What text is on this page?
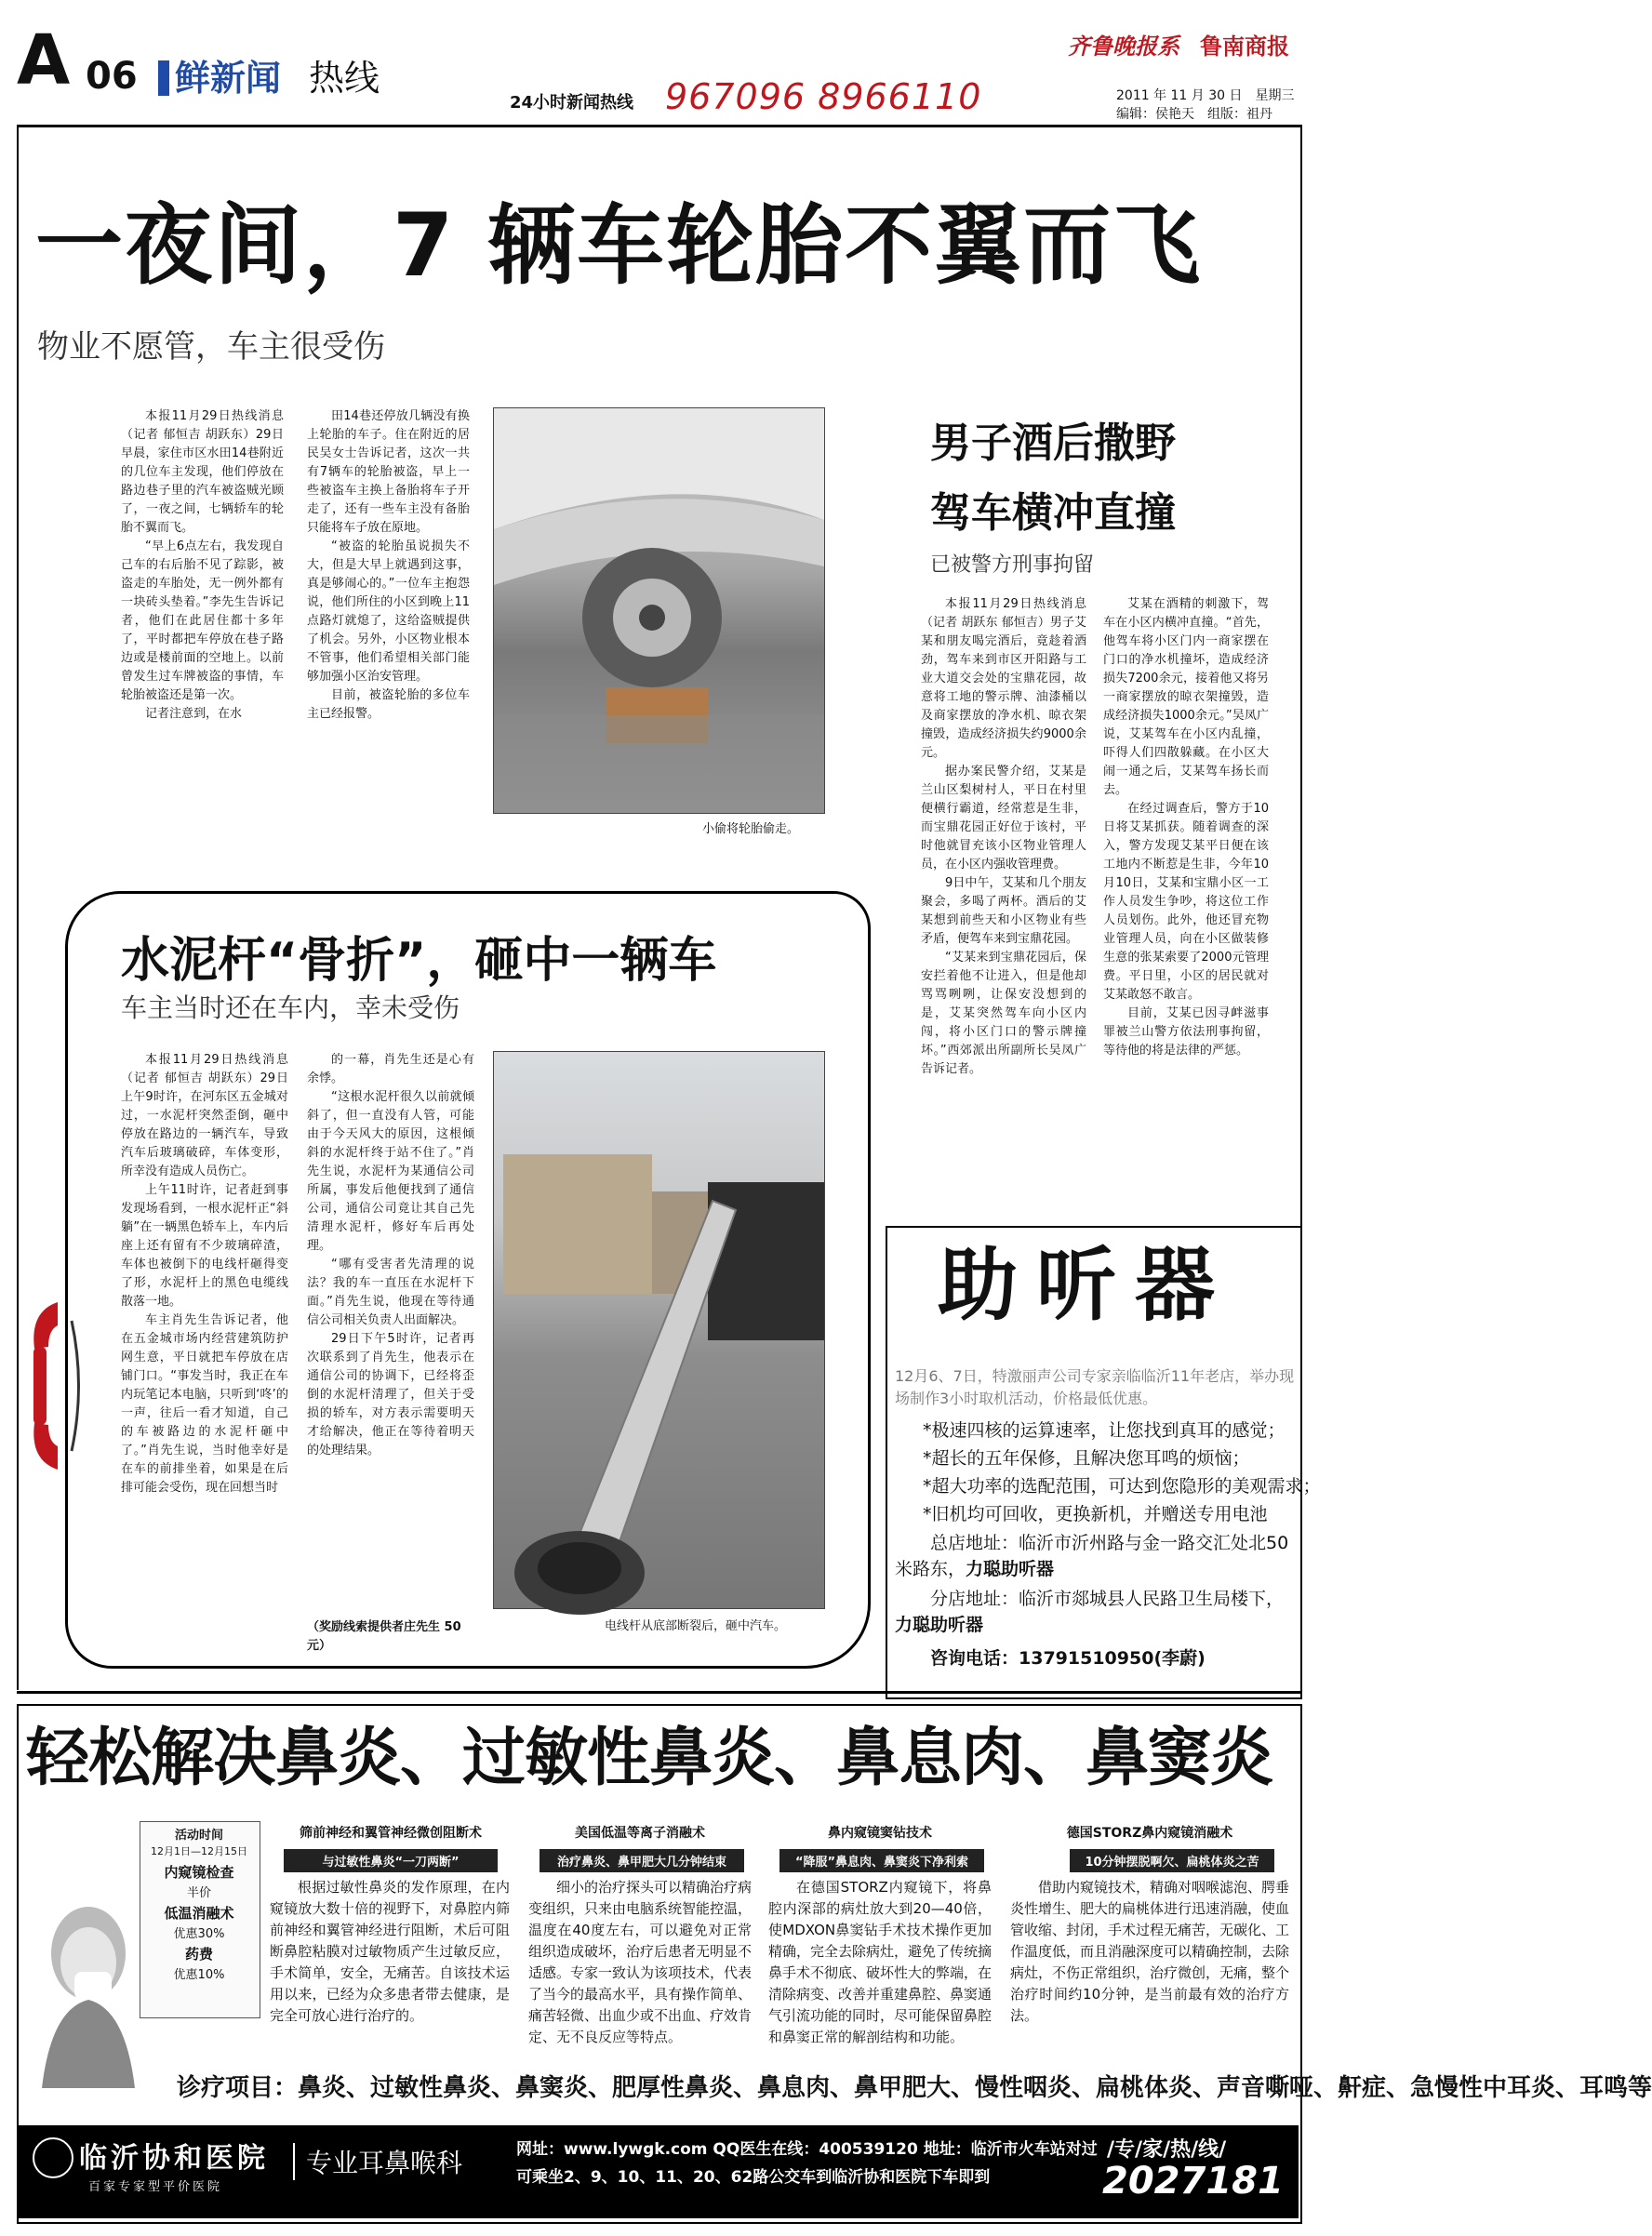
A 06 鲜新闻 热线
24小时新闻热线 967096 8966110
齐鲁晚报系 鲁南商报
2011 年 11 月 30 日　星期三
编辑：侯艳天　组版：祖丹
一夜间，7 辆车轮胎不翼而飞
物业不愿管，车主很受伤

本报11月29日热线消息（记者 郁恒吉 胡跃东）29日早晨，家住市区水田14巷附近的几位车主发现，他们停放在路边巷子里的汽车被盗贼光顾了，一夜之间，七辆轿车的轮胎不翼而飞。

“早上6点左右，我发现自己车的右后胎不见了踪影，被盗走的车胎处，无一例外都有一块砖头垫着。”李先生告诉记者，他们在此居住都十多年了，平时都把车停放在巷子路边或是楼前面的空地上。以前曾发生过车牌被盗的事情，车轮胎被盗还是第一次。

记者注意到，在水

田14巷还停放几辆没有换上轮胎的车子。住在附近的居民吴女士告诉记者，这次一共有7辆车的轮胎被盗，早上一些被盗车主换上备胎将车子开走了，还有一些车主没有备胎只能将车子放在原地。

“被盗的轮胎虽说损失不大，但是大早上就遇到这事，真是够闹心的。”一位车主抱怨说，他们所住的小区到晚上11点路灯就熄了，这给盗贼提供了机会。另外，小区物业根本不管事，他们希望相关部门能够加强小区治安管理。

目前，被盗轮胎的多位车主已经报警。

小偷将轮胎偷走。
男子酒后撒野
驾车横冲直撞
已被警方刑事拘留

本报11月29日热线消息（记者 胡跃东 郁恒吉）男子艾某和朋友喝完酒后，竟趁着酒劲，驾车来到市区开阳路与工业大道交会处的宝鼎花园，故意将工地的警示牌、油漆桶以及商家摆放的净水机、晾衣架撞毁，造成经济损失约9000余元。

据办案民警介绍，艾某是兰山区梨树村人，平日在村里便横行霸道，经常惹是生非，而宝鼎花园正好位于该村，平时他就冒充该小区物业管理人员，在小区内强收管理费。

9日中午，艾某和几个朋友聚会，多喝了两杯。酒后的艾某想到前些天和小区物业有些矛盾，便驾车来到宝鼎花园。

“艾某来到宝鼎花园后，保安拦着他不让进入，但是他却骂骂咧咧，让保安没想到的是，艾某突然驾车向小区内闯，将小区门口的警示牌撞坏。”西郊派出所副所长吴凤广告诉记者。

艾某在酒精的刺激下，驾车在小区内横冲直撞。“首先，他驾车将小区门内一商家摆在门口的净水机撞坏，造成经济损失7200余元，接着他又将另一商家摆放的晾衣架撞毁，造成经济损失1000余元。”吴凤广说，艾某驾车在小区内乱撞，吓得人们四散躲藏。在小区大闹一通之后，艾某驾车扬长而去。

在经过调查后，警方于10日将艾某抓获。随着调查的深入，警方发现艾某平日便在该工地内不断惹是生非，今年10月10日，艾某和宝鼎小区一工作人员发生争吵，将这位工作人员划伤。此外，他还冒充物业管理人员，向在小区做装修生意的张某索要了2000元管理费。平日里，小区的居民就对艾某敢怒不敢言。

目前，艾某已因寻衅滋事罪被兰山警方依法刑事拘留，等待他的将是法律的严惩。

水泥杆“骨折”，砸中一辆车
车主当时还在车内，幸未受伤

本报11月29日热线消息（记者 郁恒吉 胡跃东）29日上午9时许，在河东区五金城对过，一水泥杆突然歪倒，砸中停放在路边的一辆汽车，导致汽车后玻璃破碎，车体变形，所幸没有造成人员伤亡。

上午11时许，记者赶到事发现场看到，一根水泥杆正“斜躺”在一辆黑色轿车上，车内后座上还有留有不少玻璃碎渣，车体也被倒下的电线杆砸得变了形，水泥杆上的黑色电缆线散落一地。

车主肖先生告诉记者，他在五金城市场内经营建筑防护网生意，平日就把车停放在店铺门口。“事发当时，我正在车内玩笔记本电脑，只听到‘咚’的一声，往后一看才知道，自己的车被路边的水泥杆砸中了。”肖先生说，当时他幸好是在车的前排坐着，如果是在后排可能会受伤，现在回想当时

的一幕，肖先生还是心有余悸。

“这根水泥杆很久以前就倾斜了，但一直没有人管，可能由于今天风大的原因，这根倾斜的水泥杆终于站不住了。”肖先生说，水泥杆为某通信公司所属，事发后他便找到了通信公司，通信公司竟让其自己先清理水泥杆，修好车后再处理。

“哪有受害者先清理的说法？我的车一直压在水泥杆下面。”肖先生说，他现在等待通信公司相关负责人出面解决。

29日下午5时许，记者再次联系到了肖先生，他表示在通信公司的协调下，已经将歪倒的水泥杆清理了，但关于受损的轿车，对方表示需要明天才给解决，他正在等待着明天的处理结果。

（奖励线索提供者庄先生 50 元）
电线杆从底部断裂后，砸中汽车。
助听器
12月6、7日，特激丽声公司专家亲临临沂11年老店，举办现场制作3小时取机活动，价格最低优惠。
*极速四核的运算速率，让您找到真耳的感觉；
*超长的五年保修，且解决您耳鸣的烦恼；
*超大功率的选配范围，可达到您隐形的美观需求；
*旧机均可回收，更换新机，并赠送专用电池
总店地址：临沂市沂州路与金一路交汇处北50米路东，力聪助听器
分店地址：临沂市郯城县人民路卫生局楼下，力聪助听器
咨询电话：13791510950(李蔚)
轻松解决鼻炎、过敏性鼻炎、鼻息肉、鼻窦炎
活动时间
12月1日—12月15日
内窥镜检查
半价
低温消融术
优惠30%
药费
优惠10%
筛前神经和翼管神经微创阻断术
与过敏性鼻炎“一刀两断”

根据过敏性鼻炎的发作原理，在内窥镜放大数十倍的视野下，对鼻腔内筛前神经和翼管神经进行阻断，术后可阻断鼻腔粘膜对过敏物质产生过敏反应，手术简单，安全，无痛苦。自该技术运用以来，已经为众多患者带去健康，是完全可放心进行治疗的。

美国低温等离子消融术
治疗鼻炎、鼻甲肥大几分钟结束

细小的治疗探头可以精确治疗病变组织，只来由电脑系统智能控温，温度在40度左右，可以避免对正常组织造成破坏，治疗后患者无明显不适感。专家一致认为该项技术，代表了当今的最高水平，具有操作简单、痛苦轻微、出血少或不出血、疗效肯定、无不良反应等特点。

鼻内窥镜窦钻技术
“降服”鼻息肉、鼻窦炎下净利索

在德国STORZ内窥镜下，将鼻腔内深部的病灶放大到20—40倍，使MDXON鼻窦钻手术技术操作更加精确，完全去除病灶，避免了传统摘鼻手术不彻底、破坏性大的弊端，在清除病变、改善并重建鼻腔、鼻窦通气引流功能的同时，尽可能保留鼻腔和鼻窦正常的解剖结构和功能。

德国STORZ鼻内窥镜消融术
10分钟摆脱啊欠、扁桃体炎之苦

借助内窥镜技术，精确对咽喉滤泡、腭垂炎性增生、肥大的扁桃体进行迅速消融，使血管收缩、封闭，手术过程无痛苦，无碳化、工作温度低，而且消融深度可以精确控制，去除病灶，不伤正常组织，治疗微创，无痛，整个治疗时间约10分钟，是当前最有效的治疗方法。

诊疗项目：鼻炎、过敏性鼻炎、鼻窦炎、肥厚性鼻炎、鼻息肉、鼻甲肥大、慢性咽炎、扁桃体炎、声音嘶哑、鼾症、急慢性中耳炎、耳鸣等
临沂协和医院
百家专家型平价医院
专业耳鼻喉科	网址：www.lywgk.com QQ医生在线：400539120 地址：临沂市火车站对过
可乘坐2、9、10、11、20、62路公交车到临沂协和医院下车即到
/专/家/热/线/
2027181
